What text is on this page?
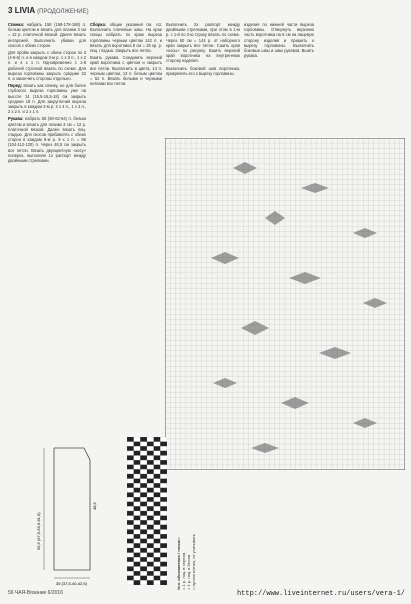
3 LIVIA (ПРОДОЛЖЕНИЕ)

Спинка: набрать 158 (168-178-188) п. белым цветом и вязать для планки 3 см = 12 р. платочной вязкой. Далее вязать интарсией. Выполнить убавки для скосов с обеих сторон.

Для пройм закрыть с обеих сторон по 3 (4-5-6) п. и в каждом 2-м р. 1 x 3 п., 1 x 2 п. и 4 x 1 п. Одновременно с 1-й рабочей строчкой вязать по схеме. Для выреза горловины закрыть средние 32 п. и закончить стороны отдельно.

Перед: вязать как спинку, но для более глубокого выреза горловины уже на высоте 14 (15,5-16,5-18) см закрыть средние 18 п. Для закругления выреза закрыть в каждом 2-м р. 2 x 4 п., 1 x 3 п., 2 x 2 п. и 2 x 1 п.

Рукава: набрать 58 (60-62-64) п. белым цветом и вязать для планки 3 см = 12 р. платочной вязкой. Далее вязать лиц. гладью. Для скосов прибавлять с обеих сторон в каждом 8-м р. 9 x 1 п. = 96 (104-112-120) п. Через 48,5 см закрыть все петли. Вязать двухцветную «косу» поперек, выполняя 1x раппорт между двойными стрелками.

Сборка: общие указания см. А3. Выполнить плечевые швы. На крае спицы набрать по краю выреза горловины черным цветом 142 п. и вязать для воротника 8 см = 25 кр. р. лиц. гладью. Закрыть все петли.

Вшить рукава. Соединить верхний край воротника с цветом и закрыть все петли. Выполнить в цвета, 13 п. черным цветом, 13 п. белым цветом = 52 п. Вязать белыми и черными нитками все петли.

Выполнить 2x раппорт между двойными стрелками, при этом в 1-м р. с 1-й по 3-ю строку вязать по схеме. Через 60 см = 144 р. от наборного края закрыть все петли. Сшить края «косы» по рисунку. Вшить верхний край воротника на внутреннюю сторону изделия.

Выполнить боковой шов воротника, прикрепить его к вырезу горловины.

изделия по нижней части выреза горловины. Отвернуть верхнюю часть воротника на 5 см на лицевую сторону изделия и пришить к вырезу горловины. Выполнить боковые швы и швы рукавов. Вшить рукава.

55,5 (57,5-59,5-61,5)
35 (37,5-40-42,5)
48,5
Усл. обозначения / «коса»: = 1 p. лиц. в черном = 1 p. лиц. в белом = пустая клетка, не учитывать
56 ЧАЯ-Вязание 6/2016	http://www.liveinternet.ru/users/vera-1/
